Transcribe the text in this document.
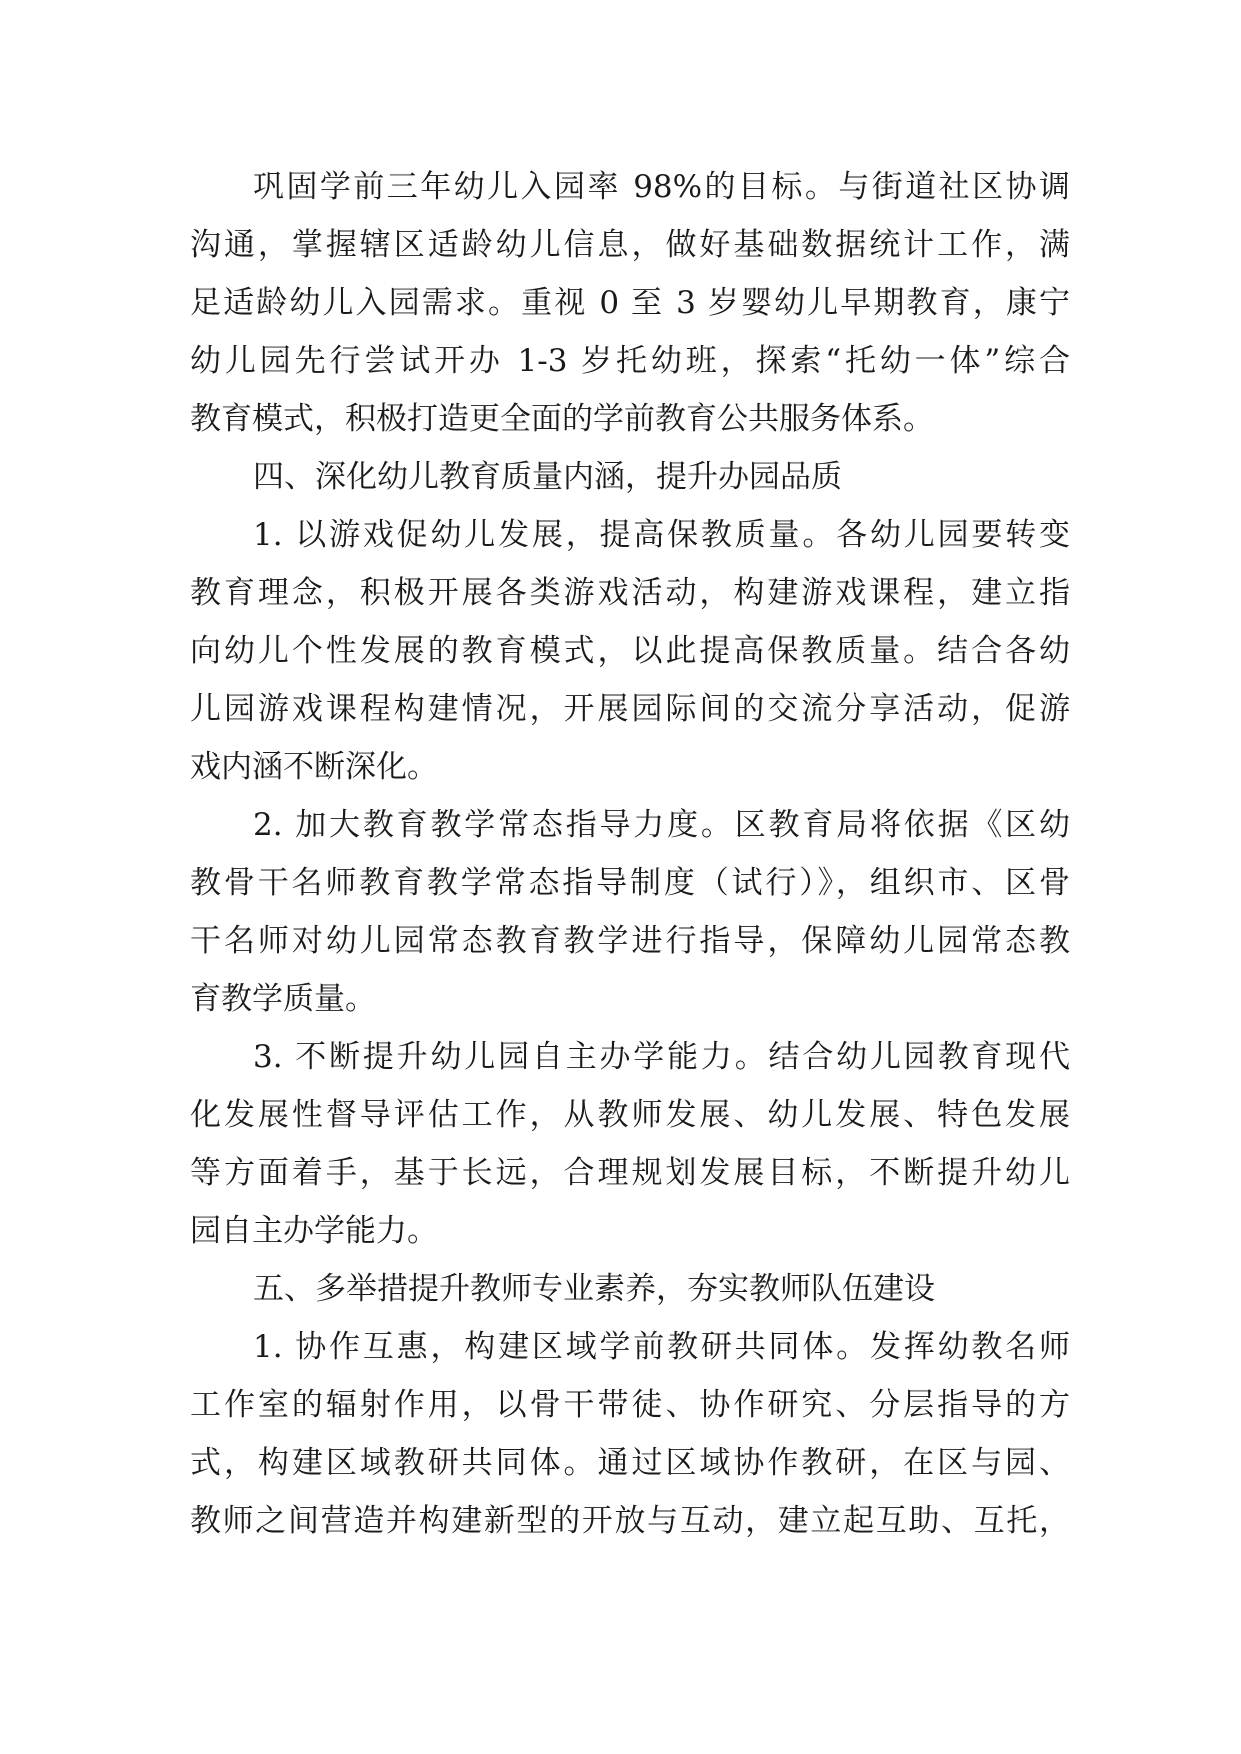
巩固学前三年幼儿入园率 98%的目标。与街道社区协调
沟通，掌握辖区适龄幼儿信息，做好基础数据统计工作，满
足适龄幼儿入园需求。重视 0 至 3 岁婴幼儿早期教育，康宁
幼儿园先行尝试开办 1-3 岁托幼班，探索“托幼一体”综合
教育模式，积极打造更全面的学前教育公共服务体系。
四、深化幼儿教育质量内涵，提升办园品质
1. 以游戏促幼儿发展，提高保教质量。各幼儿园要转变
教育理念，积极开展各类游戏活动，构建游戏课程，建立指
向幼儿个性发展的教育模式，以此提高保教质量。结合各幼
儿园游戏课程构建情况，开展园际间的交流分享活动，促游
戏内涵不断深化。
2. 加大教育教学常态指导力度。区教育局将依据《区幼
教骨干名师教育教学常态指导制度（试行）》，组织市、区骨
干名师对幼儿园常态教育教学进行指导，保障幼儿园常态教
育教学质量。
3. 不断提升幼儿园自主办学能力。结合幼儿园教育现代
化发展性督导评估工作，从教师发展、幼儿发展、特色发展
等方面着手，基于长远，合理规划发展目标，不断提升幼儿
园自主办学能力。
五、多举措提升教师专业素养，夯实教师队伍建设
1. 协作互惠，构建区域学前教研共同体。发挥幼教名师
工作室的辐射作用，以骨干带徒、协作研究、分层指导的方
式，构建区域教研共同体。通过区域协作教研，在区与园、
教师之间营造并构建新型的开放与互动，建立起互助、互托，
